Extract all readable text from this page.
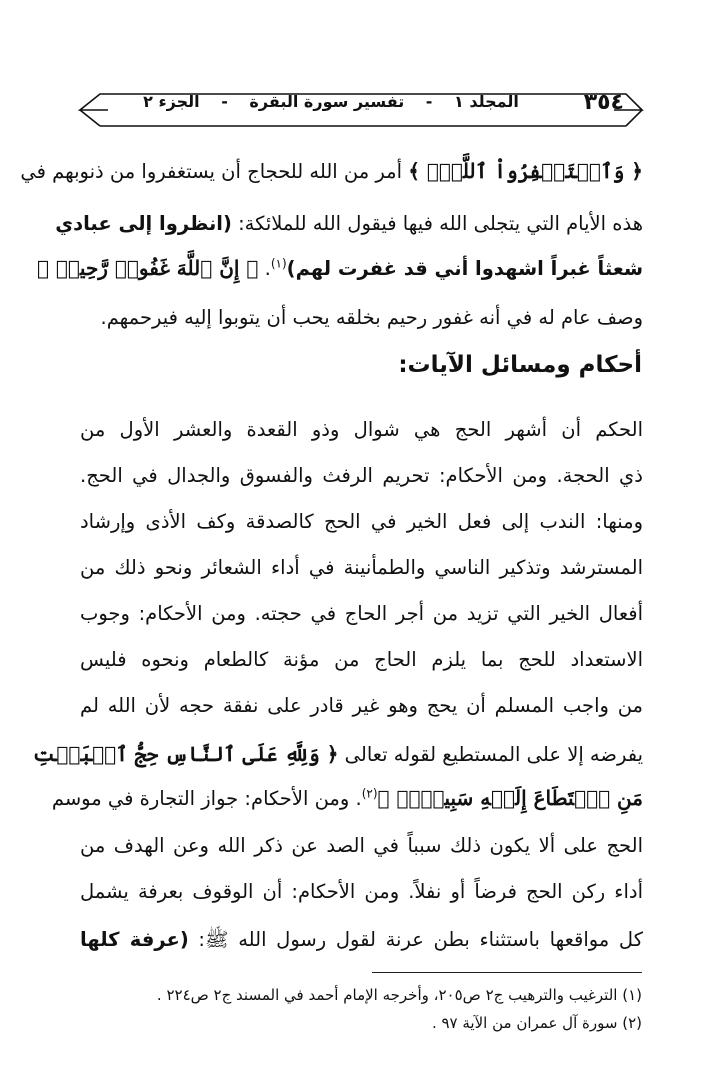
٣٥٤
المجلد ١ - تفسير سورة البقرة - الجزء ٢
﴿ وَٱسۡتَغۡفِرُواْ ٱللَّهَۚ ﴾ أمر من الله للحجاج أن يستغفروا من ذنوبهم في
هذه الأيام التي يتجلى الله فيها فيقول الله للملائكة: (انظروا إلى عبادي
شعثاً غبراً اشهدوا أني قد غفرت لهم)$^{(١)}$. ﴿ إِنَّ ٱللَّهَ غَفُورٞ رَّحِيمٞ ﴾
وصف عام له في أنه غفور رحيم بخلقه يحب أن يتوبوا إليه فيرحمهم.
أحكام ومسائل الآيات:
الحكم أن أشهر الحج هي شوال وذو القعدة والعشر الأول من
ذي الحجة. ومن الأحكام: تحريم الرفث والفسوق والجدال في الحج.
ومنها: الندب إلى فعل الخير في الحج كالصدقة وكف الأذى وإرشاد
المسترشد وتذكير الناسي والطمأنينة في أداء الشعائر ونحو ذلك من
أفعال الخير التي تزيد من أجر الحاج في حجته. ومن الأحكام: وجوب
الاستعداد للحج بما يلزم الحاج من مؤنة كالطعام ونحوه فليس
من واجب المسلم أن يحج وهو غير قادر على نفقة حجه لأن الله لم
يفرضه إلا على المستطيع لقوله تعالى ﴿ وَلِلَّهِ عَلَى ٱلنَّاسِ حِجُّ ٱلۡبَيۡتِ
مَنِ ٱسۡتَطَاعَ إِلَيۡهِ سَبِيلٗاۚ ﴾$^{(٢)}$. ومن الأحكام: جواز التجارة في موسم
الحج على ألا يكون ذلك سبباً في الصد عن ذكر الله وعن الهدف من
أداء ركن الحج فرضاً أو نفلاً. ومن الأحكام: أن الوقوف بعرفة يشمل
كل مواقعها باستثناء بطن عرنة لقول رسول الله ﷺ: (عرفة كلها
(١) الترغيب والترهيب ج٢ ص٢٠٥، وأخرجه الإمام أحمد في المسند ج٢ ص٢٢٤ .
(٢) سورة آل عمران من الآية ٩٧ .
